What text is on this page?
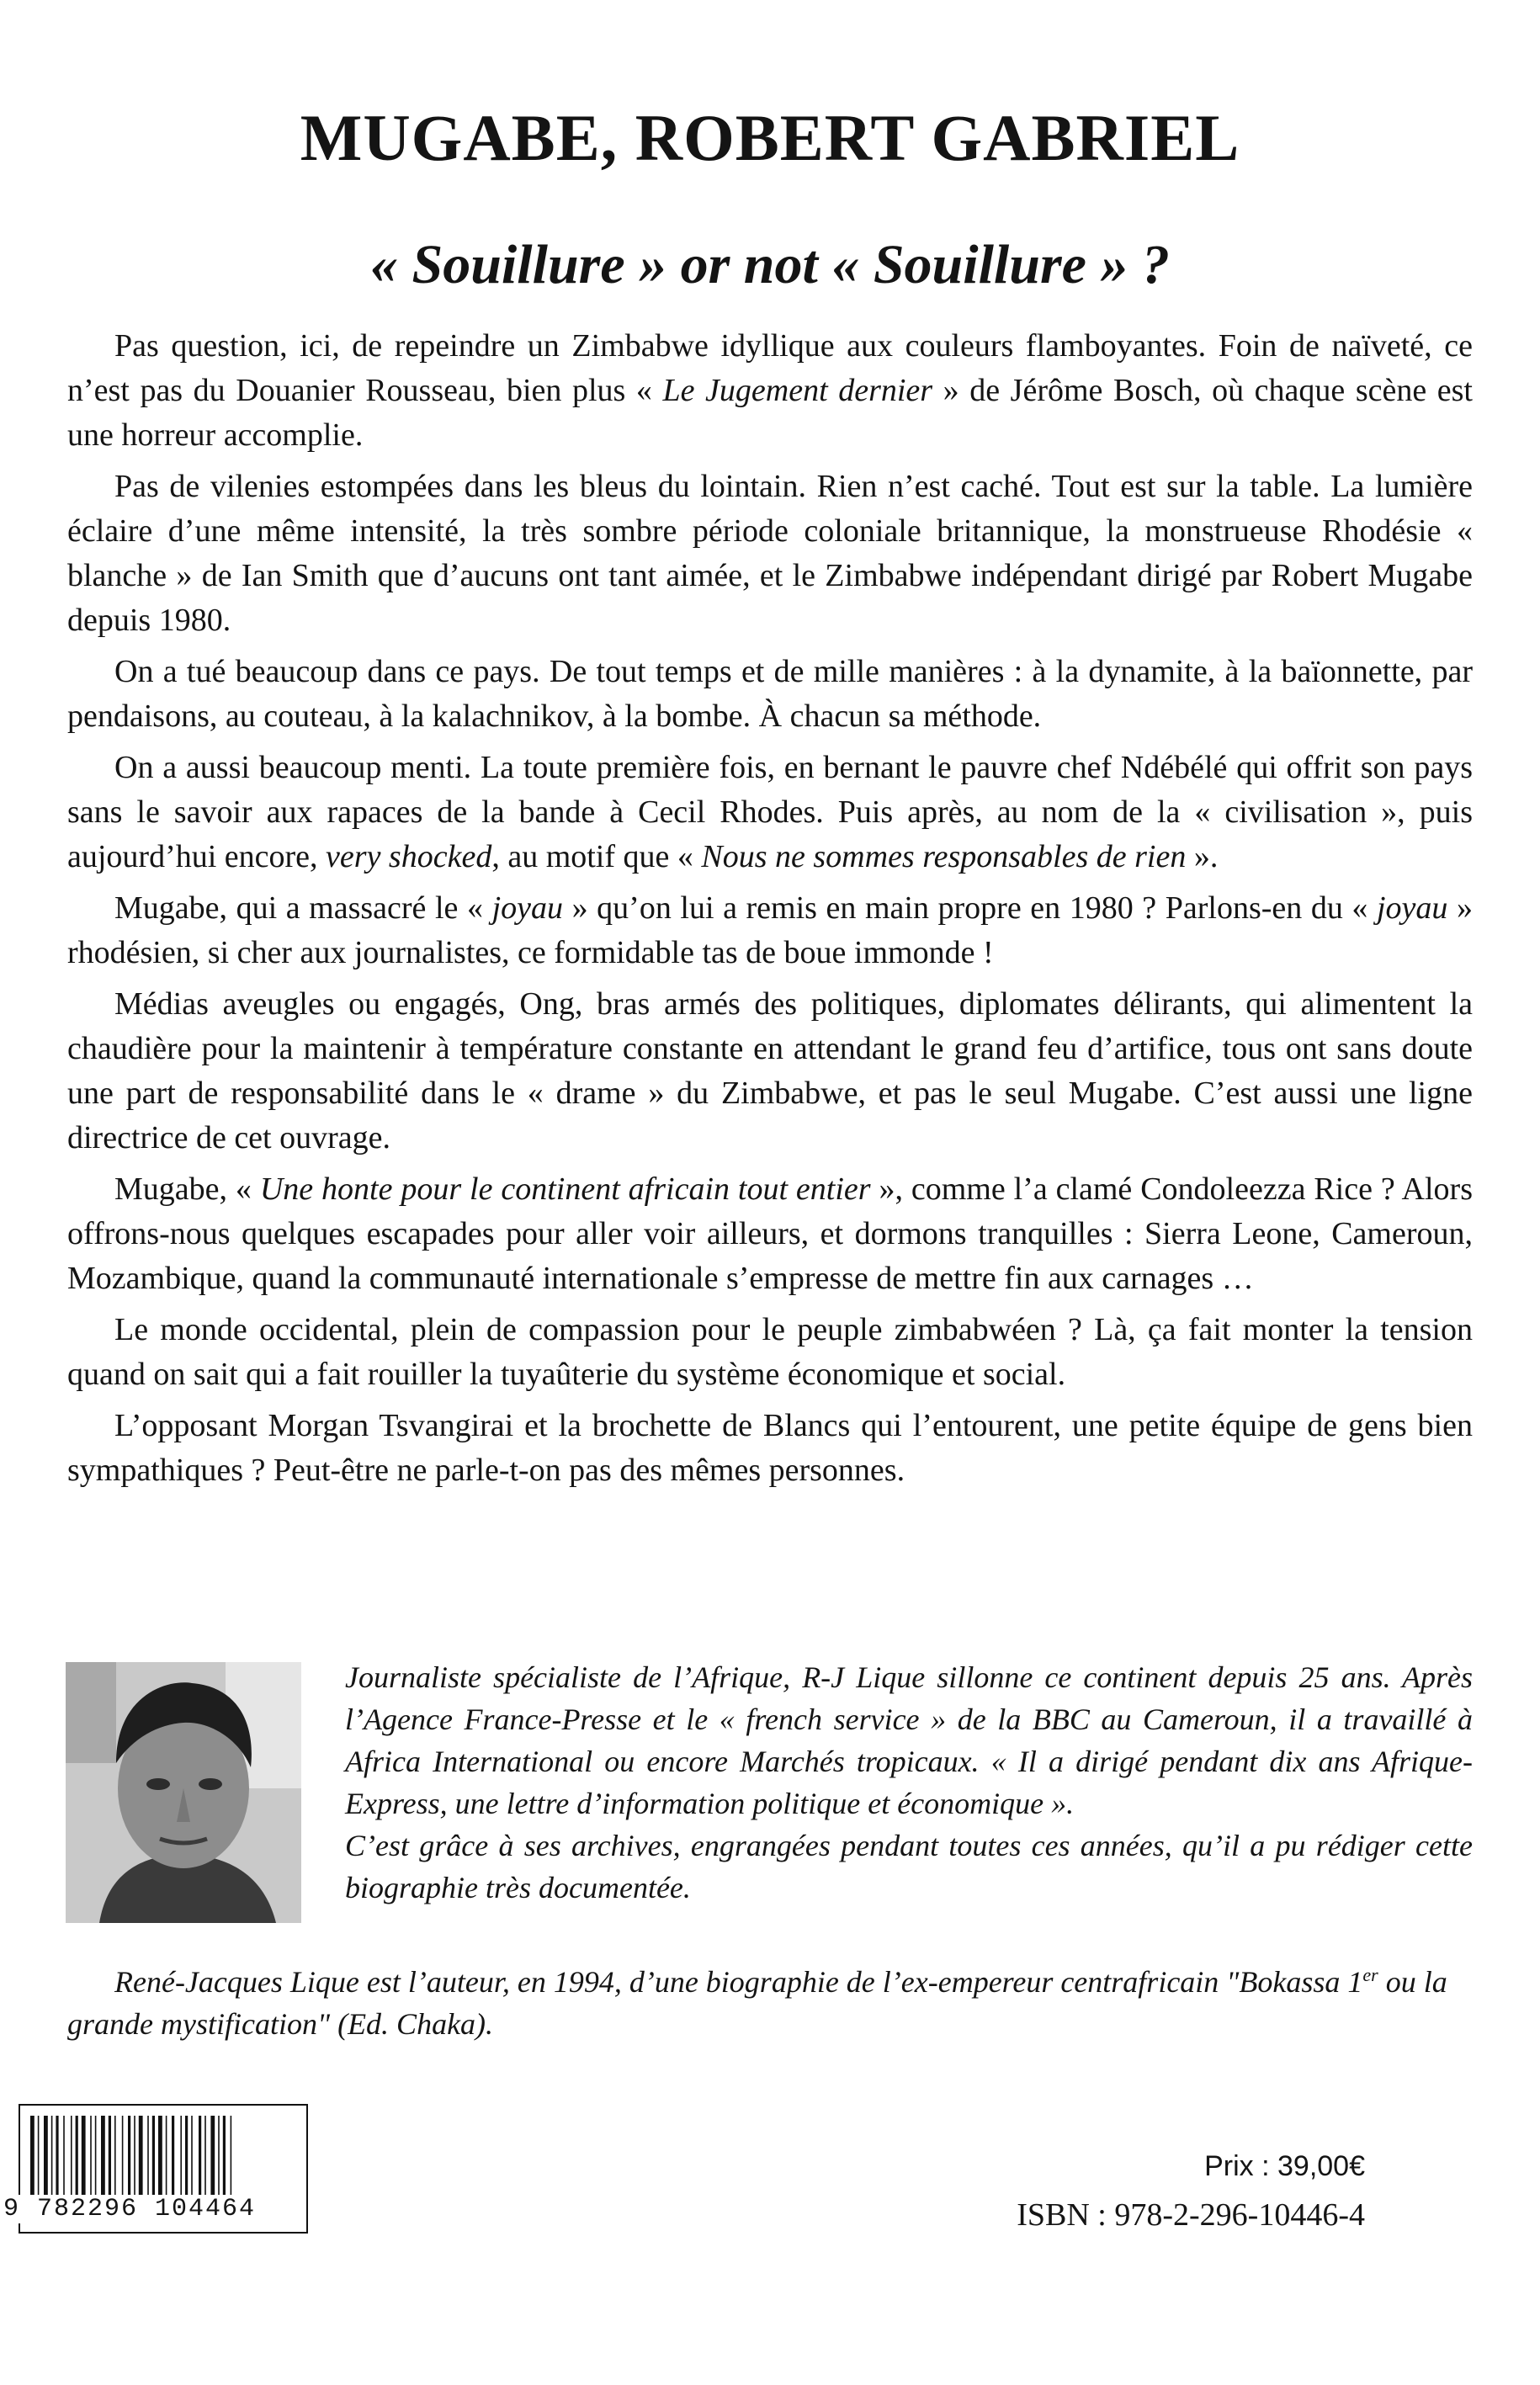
MUGABE, ROBERT GABRIEL
« Souillure » or not « Souillure » ?

Pas question, ici, de repeindre un Zimbabwe idyllique aux couleurs flamboyantes. Foin de naïveté, ce n’est pas du Douanier Rousseau, bien plus « Le Jugement dernier » de Jérôme Bosch, où chaque scène est une horreur accomplie.

Pas de vilenies estompées dans les bleus du lointain. Rien n’est caché. Tout est sur la table. La lumière éclaire d’une même intensité, la très sombre période coloniale britannique, la monstrueuse Rhodésie « blanche » de Ian Smith que d’aucuns ont tant aimée, et le Zimbabwe indépendant dirigé par Robert Mugabe depuis 1980.

On a tué beaucoup dans ce pays. De tout temps et de mille manières : à la dynamite, à la baïonnette, par pendaisons, au couteau, à la kalachnikov, à la bombe. À chacun sa méthode.

On a aussi beaucoup menti. La toute première fois, en bernant le pauvre chef Ndébélé qui offrit son pays sans le savoir aux rapaces de la bande à Cecil Rhodes. Puis après, au nom de la « civilisation », puis aujourd’hui encore, very shocked, au motif que « Nous ne sommes responsables de rien ».

Mugabe, qui a massacré le « joyau » qu’on lui a remis en main propre en 1980 ? Parlons-en du « joyau » rhodésien, si cher aux journalistes, ce formidable tas de boue immonde !

Médias aveugles ou engagés, Ong, bras armés des politiques, diplomates délirants, qui alimentent la chaudière pour la maintenir à température constante en attendant le grand feu d’artifice, tous ont sans doute une part de responsabilité dans le « drame » du Zimbabwe, et pas le seul Mugabe. C’est aussi une ligne directrice de cet ouvrage.

Mugabe, « Une honte pour le continent africain tout entier », comme l’a clamé Condoleezza Rice ? Alors offrons-nous quelques escapades pour aller voir ailleurs, et dormons tranquilles : Sierra Leone, Cameroun, Mozambique, quand la communauté internationale s’empresse de mettre fin aux carnages …

Le monde occidental, plein de compassion pour le peuple zimbabwéen ? Là, ça fait monter la tension quand on sait qui a fait rouiller la tuyaûterie du système économique et social.

L’opposant Morgan Tsvangirai et la brochette de Blancs qui l’entourent, une petite équipe de gens bien sympathiques ? Peut-être ne parle-t-on pas des mêmes personnes.

Journaliste spécialiste de l’Afrique, R-J Lique sillonne ce continent depuis 25 ans. Après l’Agence France-Presse et le « french service » de la BBC au Cameroun, il a travaillé à Africa International ou encore Marchés tropicaux. « Il a dirigé pendant dix ans Afrique-Express, une lettre d’information politique et économique ».

C’est grâce à ses archives, engrangées pendant toutes ces années, qu’il a pu rédiger cette biographie très documentée.

René-Jacques Lique est l’auteur, en 1994, d’une biographie de l’ex-empereur centrafricain "Bokassa 1er ou la grande mystification" (Ed. Chaka).
9 782296 104464
Prix : 39,00€
ISBN : 978-2-296-10446-4
